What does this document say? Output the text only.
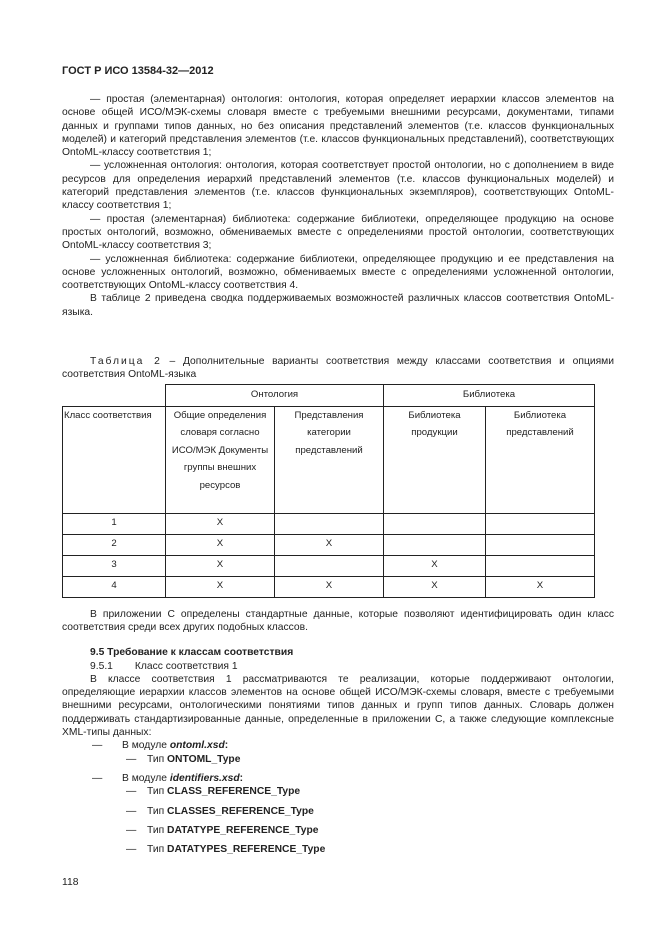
ГОСТ Р ИСО 13584-32—2012

— простая (элементарная) онтология: онтология, которая определяет иерархии классов элементов на основе общей ИСО/МЭК-схемы словаря вместе с требуемыми внешними ресурсами, документами, типами данных и группами типов данных, но без описания представлений элементов (т.е. классов функциональных моделей) и категорий представления элементов (т.е. классов функциональных представлений), соответствующих OntoML-классу соответствия 1;

— усложненная онтология: онтология, которая соответствует простой онтологии, но с дополнением в виде ресурсов для определения иерархий представлений элементов (т.е. классов функциональных моделей) и категорий представления элементов (т.е. классов функциональных экземпляров), соответствующих OntoML-классу соответствия 1;

— простая (элементарная) библиотека: содержание библиотеки, определяющее продукцию на основе простых онтологий, возможно, обмениваемых вместе с определениями простой онтологии, соответствующих OntoML-классу соответствия 3;

— усложненная библиотека: содержание библиотеки, определяющее продукцию и ее представления на основе усложненных онтологий, возможно, обмениваемых вместе с определениями усложненной онтологии, соответствующих OntoML-классу соответствия 4.

В таблице 2 приведена сводка поддерживаемых возможностей различных классов соответствия OntoML-языка.

Таблица 2 – Дополнительные варианты соответствия между классами соответствия и опциями соответствия OntoML-языка

	Онтология		Библиотека	
Класс соответствия	Общие определения словаря согласно ИСО/МЭК Документы группы внешних ресурсов	Представления категории представлений	Библиотека продукции	Библиотека представлений
1	X			
2	X	X		
3	X		X	
4	X	X	X	X

В приложении С определены стандартные данные, которые позволяют идентифицировать один класс соответствия среди всех других подобных классов.

9.5 Требование к классам соответствия

9.5.1 Класс соответствия 1

В классе соответствия 1 рассматриваются те реализации, которые поддерживают онтологии, определяющие иерархии классов элементов на основе общей ИСО/МЭК-схемы словаря, вместе с требуемыми внешними ресурсами, онтологическими понятиями типов данных и групп типов данных. Словарь должен поддерживать стандартизированные данные, определенные в приложении С, а также следующие комплексные XML-типы данных:

—	В модуле ontoml.xsd:
—	Тип ONTOML_Type
—	В модуле identifiers.xsd:
—	Тип CLASS_REFERENCE_Type
—	Тип CLASSES_REFERENCE_Type
—	Тип DATATYPE_REFERENCE_Type
—	Тип DATATYPES_REFERENCE_Type
118
